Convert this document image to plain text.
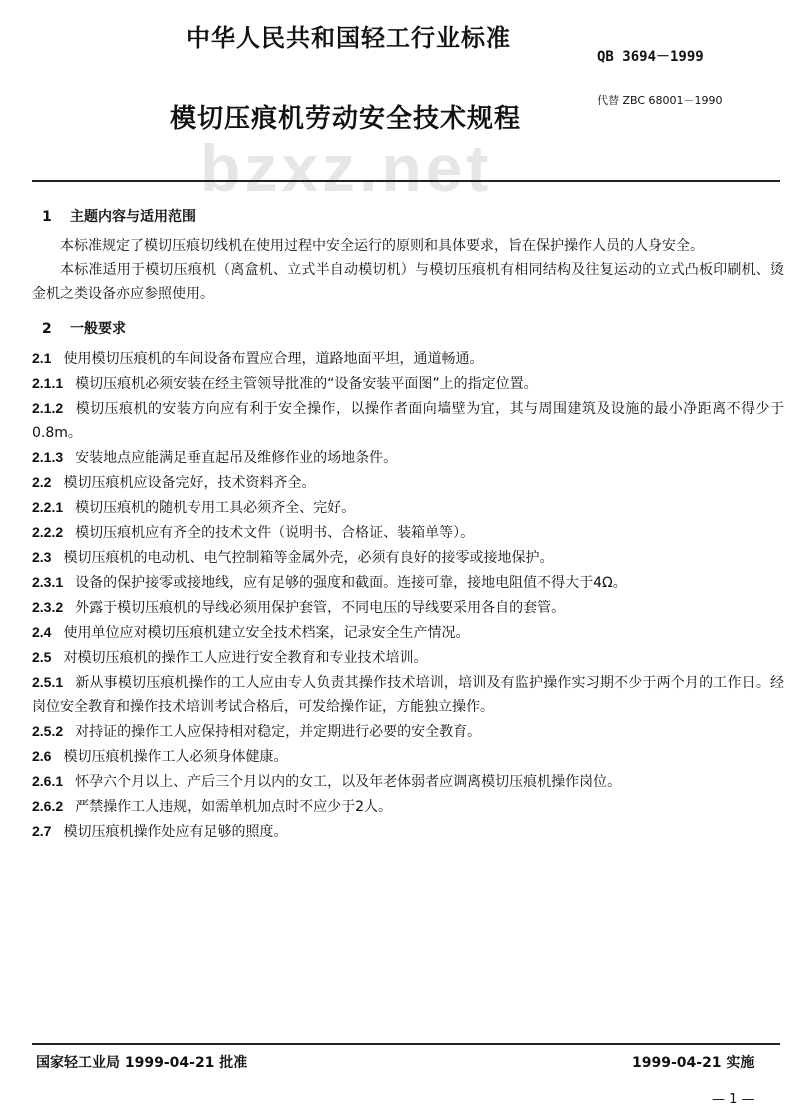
中华人民共和国轻工行业标准
QB 3694－1999
代替 ZBC 68001－1990
模切压痕机劳动安全技术规程
bzxz.net
1 主题内容与适用范围

本标准规定了模切压痕切线机在使用过程中安全运行的原则和具体要求，旨在保护操作人员的人身安全。

本标准适用于模切压痕机（离盒机、立式半自动模切机）与模切压痕机有相同结构及往复运动的立式凸板印刷机、烫金机之类设备亦应参照使用。

2 一般要求

2.1 使用模切压痕机的车间设备布置应合理，道路地面平坦，通道畅通。

2.1.1 模切压痕机必须安装在经主管领导批准的“设备安装平面图”上的指定位置。

2.1.2 模切压痕机的安装方向应有利于安全操作，以操作者面向墙壁为宜，其与周围建筑及设施的最小净距离不得少于0.8m。

2.1.3 安装地点应能满足垂直起吊及维修作业的场地条件。

2.2 模切压痕机应设备完好，技术资料齐全。

2.2.1 模切压痕机的随机专用工具必须齐全、完好。

2.2.2 模切压痕机应有齐全的技术文件（说明书、合格证、装箱单等）。

2.3 模切压痕机的电动机、电气控制箱等金属外壳，必须有良好的接零或接地保护。

2.3.1 设备的保护接零或接地线，应有足够的强度和截面。连接可靠，接地电阻值不得大于4Ω。

2.3.2 外露于模切压痕机的导线必须用保护套管，不同电压的导线要采用各自的套管。

2.4 使用单位应对模切压痕机建立安全技术档案，记录安全生产情况。

2.5 对模切压痕机的操作工人应进行安全教育和专业技术培训。

2.5.1 新从事模切压痕机操作的工人应由专人负责其操作技术培训，培训及有监护操作实习期不少于两个月的工作日。经岗位安全教育和操作技术培训考试合格后，可发给操作证，方能独立操作。

2.5.2 对持证的操作工人应保持相对稳定，并定期进行必要的安全教育。

2.6 模切压痕机操作工人必须身体健康。

2.6.1 怀孕六个月以上、产后三个月以内的女工，以及年老体弱者应调离模切压痕机操作岗位。

2.6.2 严禁操作工人违规，如需单机加点时不应少于2人。

2.7 模切压痕机操作处应有足够的照度。

国家轻工业局 1999-04-21 批准	1999-04-21 实施
— 1 —
